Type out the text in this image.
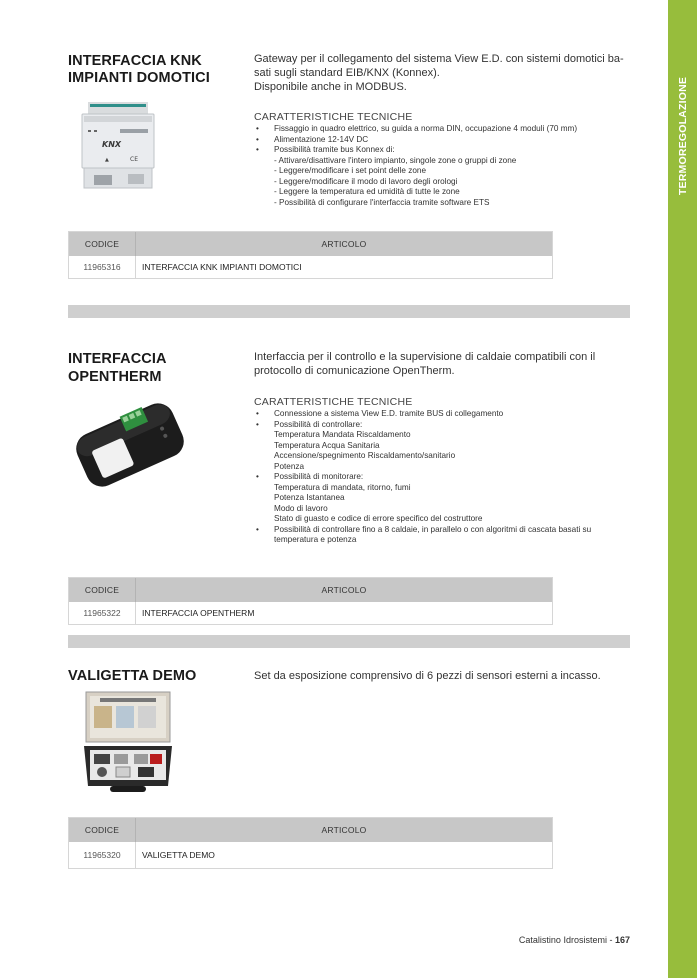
TERMOREGOLAZIONE
INTERFACCIA KNK
IMPIANTI DOMOTICI
Gateway per il collegamento del sistema View E.D. con sistemi domotici ba-
sati sugli standard EIB/KNX (Konnex).
Disponibile anche in MODBUS.
CARATTERISTICHE TECNICHE
• Fissaggio in quadro elettrico, su guida a norma DIN, occupazione 4 moduli (70 mm)
• Alimentazione 12-14V DC
• Possibilità tramite bus Konnex di:
- Attivare/disattivare l'intero impianto, singole zone o gruppi di zone
- Leggere/modificare i set point delle zone
- Leggere/modificare il modo di lavoro degli orologi
- Leggere la temperatura ed umidità di tutte le zone
- Possibilità di configurare l'interfaccia tramite software ETS
KNX
▲	CE
CODICE	ARTICOLO
11965316	INTERFACCIA KNK IMPIANTI DOMOTICI
INTERFACCIA
OPENTHERM
Interfaccia per il controllo e la supervisione di caldaie compatibili con il
protocollo di comunicazione OpenTherm.
CARATTERISTICHE TECNICHE
• Connessione a sistema View E.D. tramite BUS di collegamento
• Possibilità di controllare:
Temperatura Mandata Riscaldamento
Temperatura Acqua Sanitaria
Accensione/spegnimento Riscaldamento/sanitario
Potenza
• Possibilità di monitorare:
Temperatura di mandata, ritorno, fumi
Potenza Istantanea
Modo di lavoro
Stato di guasto e codice di errore specifico del costruttore
• Possibilità di controllare fino a 8 caldaie, in parallelo o con algoritmi di cascata basati su
temperatura e potenza
CODICE	ARTICOLO
11965322	INTERFACCIA OPENTHERM
VALIGETTA DEMO	Set da esposizione comprensivo di 6 pezzi di sensori esterni a incasso.
CODICE	ARTICOLO
11965320	VALIGETTA DEMO
Catalistino Idrosistemi - 167
